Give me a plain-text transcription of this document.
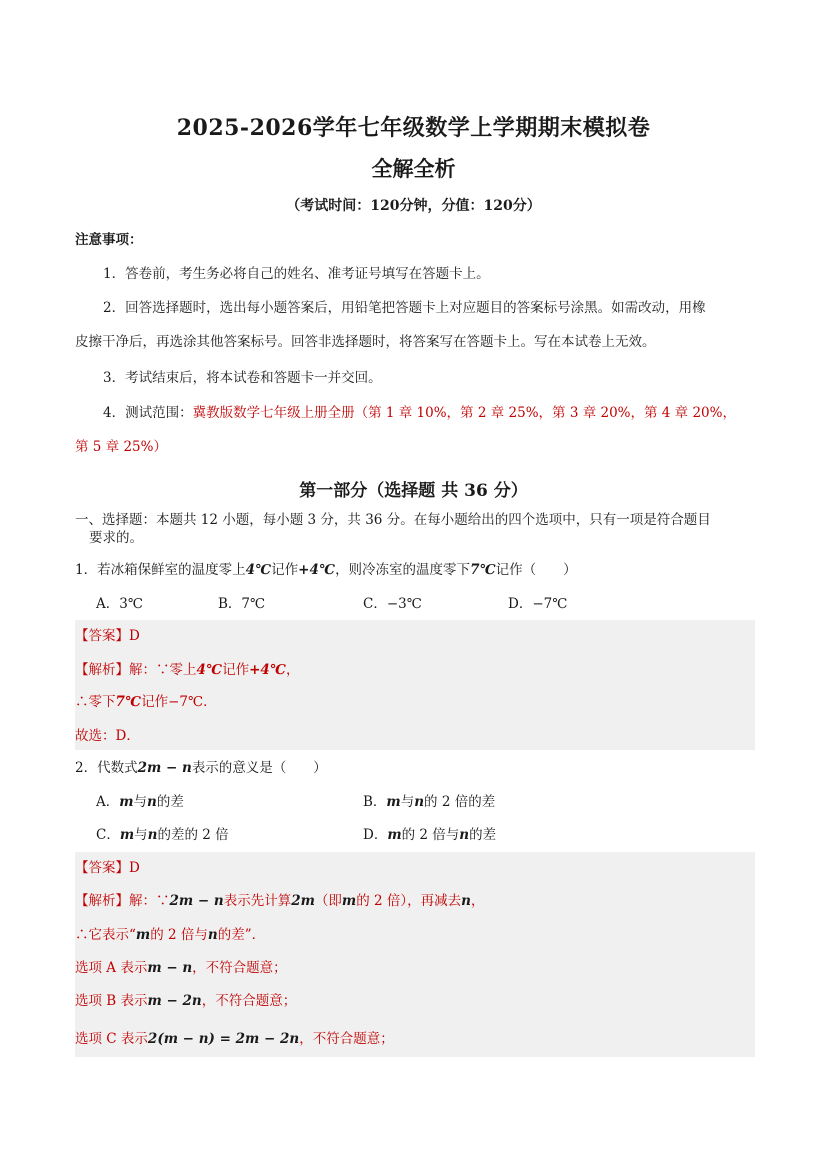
2025-2026学年七年级数学上学期期末模拟卷
全解全析
（考试时间：120分钟，分值：120分）
注意事项：
1．答卷前，考生务必将自己的姓名、准考证号填写在答题卡上。
2．回答选择题时，选出每小题答案后，用铅笔把答题卡上对应题目的答案标号涂黑。如需改动，用橡
皮擦干净后，再选涂其他答案标号。回答非选择题时，将答案写在答题卡上。写在本试卷上无效。
3．考试结束后，将本试卷和答题卡一并交回。
4．测试范围：冀教版数学七年级上册全册（第 1 章 10%，第 2 章 25%，第 3 章 20%，第 4 章 20%，
第 5 章 25%）
第一部分（选择题 共 36 分）
一、选择题：本题共 12 小题，每小题 3 分，共 36 分。在每小题给出的四个选项中，只有一项是符合题目
要求的。
1．若冰箱保鲜室的温度零上4℃记作+4℃，则冷冻室的温度零下7℃记作（　　）
A．3℃	B．7℃	C．−3℃	D．−7℃
【答案】D
【解析】解：∵零上4℃记作+4℃，
∴零下7℃记作−7℃．
故选：D．
2．代数式2m − n表示的意义是（　　）
A．m与n的差	B．m与n的 2 倍的差
C．m与n的差的 2 倍	D．m的 2 倍与n的差
【答案】D
【解析】解：∵2m − n表示先计算2m（即m的 2 倍），再减去n，
∴它表示“m的 2 倍与n的差”．
选项 A 表示m − n，不符合题意；
选项 B 表示m − 2n，不符合题意；
选项 C 表示2(m − n) = 2m − 2n，不符合题意；
